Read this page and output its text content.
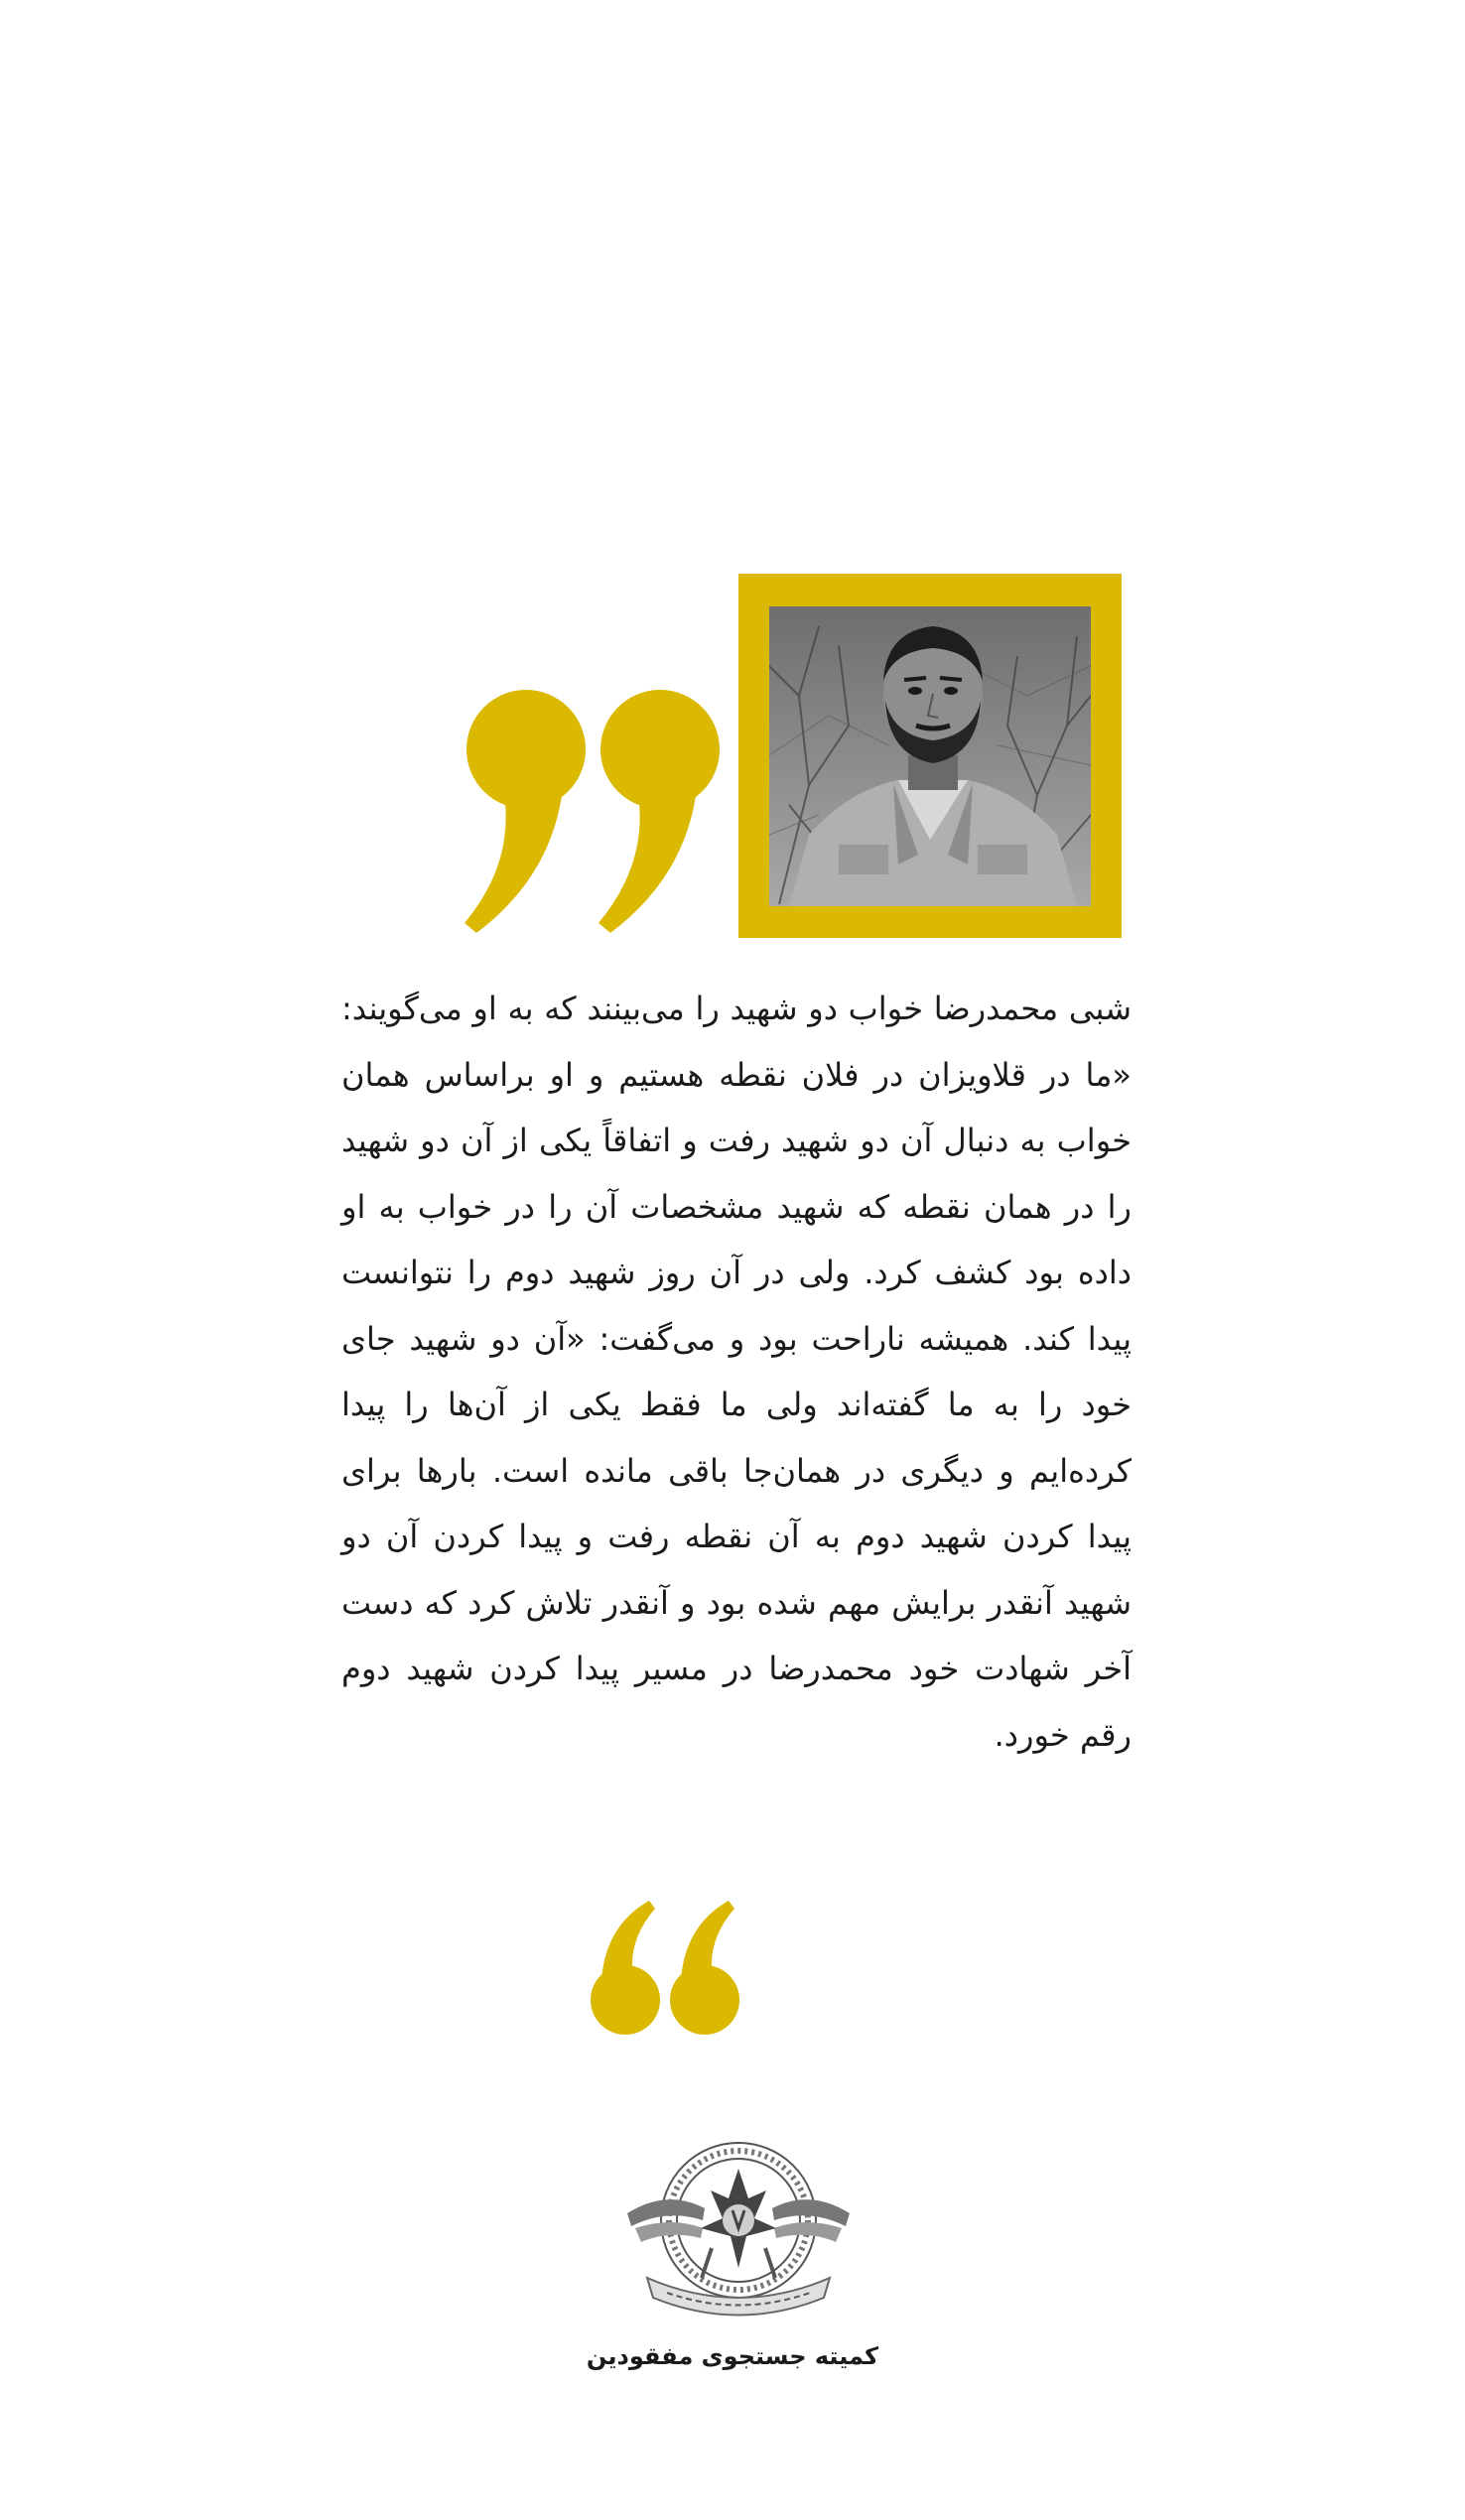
شبی محمدرضا خواب دو شهید را می‌بینند که به او می‌گویند: «ما در قلاویزان در فلان نقطه هستیم و او براساس همان خواب به دنبال آن دو شهید رفت و اتفاقاً یکی از آن دو شهید را در همان نقطه که شهید مشخصات آن را در خواب به او داده بود کشف کرد. ولی در آن روز شهید دوم را نتوانست پیدا کند. همیشه ناراحت بود و می‌گفت: «آن دو شهید جای خود را به ما گفته‌اند ولی ما فقط یکی از آن‌ها را پیدا کرده‌ایم و دیگری در همان‌جا باقی مانده است. بارها برای پیدا کردن شهید دوم به آن نقطه رفت و پیدا کردن آن دو شهید آنقدر برایش مهم شده بود و آنقدر تلاش کرد که دست آخر شهادت خود محمدرضا در مسیر پیدا کردن شهید دوم رقم خورد.
کمیته جستجوی مفقودین
